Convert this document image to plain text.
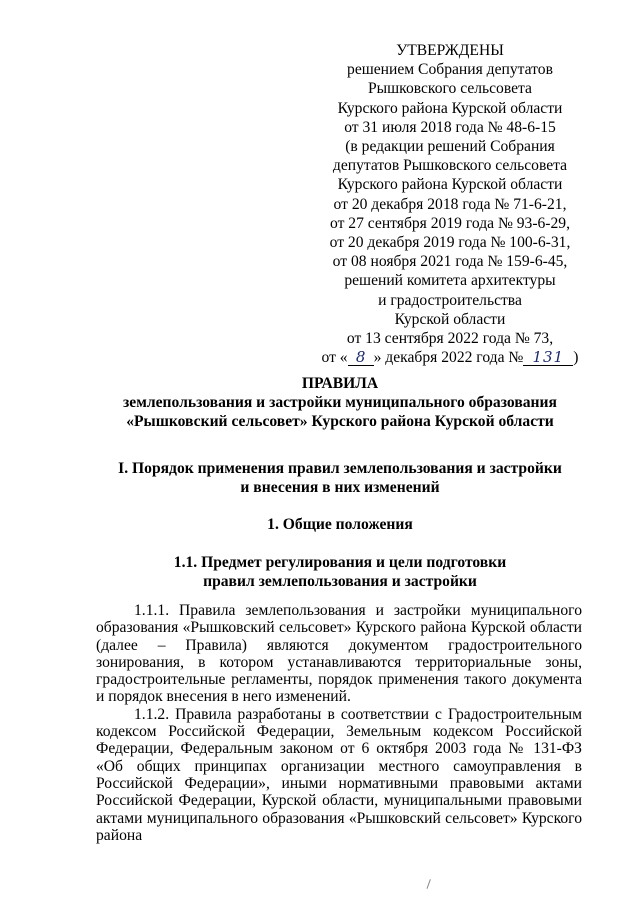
УТВЕРЖДЕНЫ
решением Собрания депутатов
Рышковского сельсовета
Курского района Курской области
от 31 июля 2018 года № 48-6-15
(в редакции решений Собрания
депутатов Рышковского сельсовета
Курского района Курской области
от 20 декабря 2018 года № 71-6-21,
от 27 сентября 2019 года № 93-6-29,
от 20 декабря 2019 года № 100-6-31,
от 08 ноября 2021 года № 159-6-45,
решений комитета архитектуры
и градостроительства
Курской области
от 13 сентября 2022 года № 73,
от « 8 » декабря 2022 года № 131 )
ПРАВИЛА
землепользования и застройки муниципального образования
«Рышковский сельсовет» Курского района Курской области
I. Порядок применения правил землепользования и застройки
и внесения в них изменений
1. Общие положения
1.1. Предмет регулирования и цели подготовки
правил землепользования и застройки

1.1.1. Правила землепользования и застройки муниципального образования «Рышковский сельсовет» Курского района Курской области (далее – Правила) являются документом градостроительного зонирования, в котором устанавливаются территориальные зоны, градостроительные регламенты, порядок применения такого документа и порядок внесения в него изменений.

1.1.2. Правила разработаны в соответствии с Градостроительным кодексом Российской Федерации, Земельным кодексом Российской Федерации, Федеральным законом от 6 октября 2003 года № 131-ФЗ «Об общих принципах организации местного самоуправления в Российской Федерации», иными нормативными правовыми актами Российской Федерации, Курской области, муниципальными правовыми актами муниципального образования «Рышковский сельсовет» Курского района
